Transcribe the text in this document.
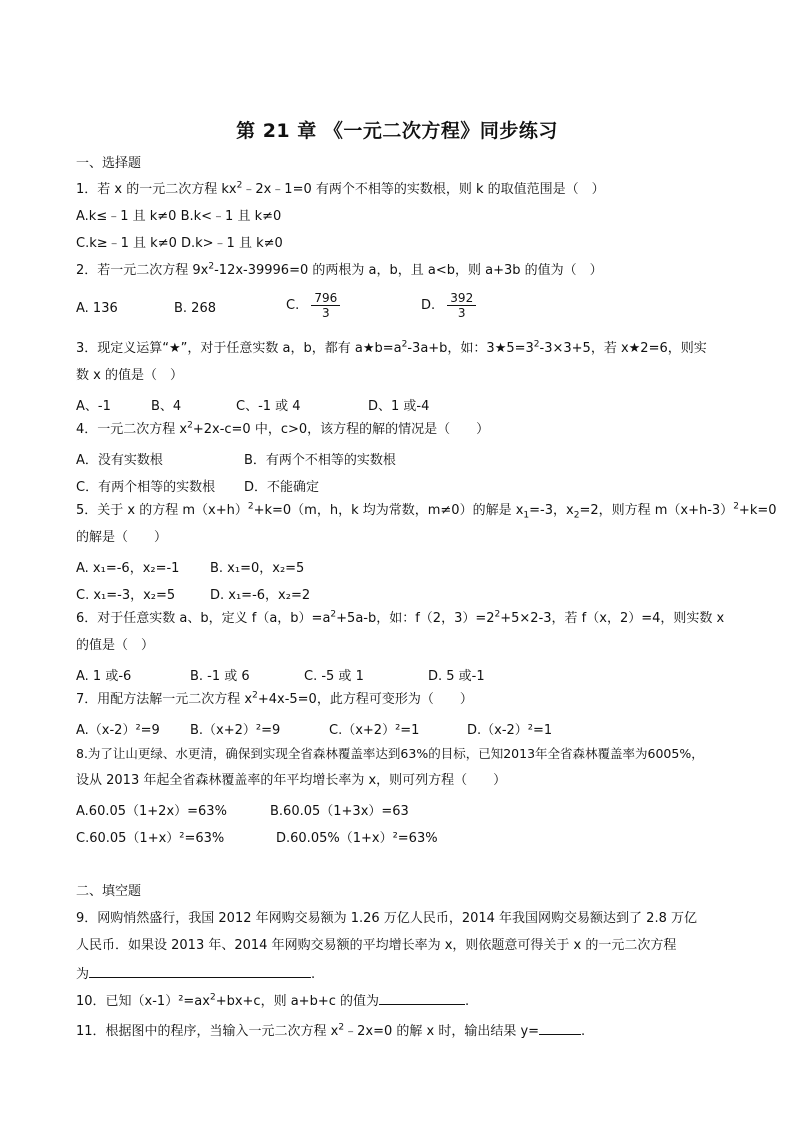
第 21 章 《一元二次方程》同步练习
一、选择题
1．若 x 的一元二次方程 $kx^2﹣2x﹣1=0$ 有两个不相等的实数根，则 k 的取值范围是（　）
A.k≤﹣1 且 k≠0 B.k<﹣1 且 k≠0
C.k≥﹣1 且 k≠0 D.k>﹣1 且 k≠0
2．若一元二次方程 $9x^2-12x-39996=0$ 的两根为 a，b，且 a<b，则 a+3b 的值为（　）
A. 136	B. 268	C. $\frac{796}{3}$	D. $\frac{392}{3}$
3．现定义运算“★”，对于任意实数 a，b，都有 $a★b=a^2-3a+b$，如：$3★5=3^2-3\times 3+5$，若 x★2=6，则实
数 x 的值是（　）
A、-1	B、4	C、-1 或 4	D、1 或-4
4．一元二次方程 $x^2+2x-c=0$ 中，c>0，该方程的解的情况是（　　）
A．没有实数根	B．有两个不相等的实数根
C．有两个相等的实数根 D．不能确定
5．关于 x 的方程 $m(x+h)^2+k=0(m$，h，k 均为常数，m≠0）的解是 $x_1=-3$，$x_2=2$，则方程 $m(x+h-3)^2+k=0$
的解是（　　）
A. x₁=-6，x₂=-1 B. x₁=0，x₂=5
C. x₁=-3，x₂=5	D. x₁=-6，x₂=2
6．对于任意实数 a、b，定义 f（a，$b)=a^2+5a-b$，如：f（2，$3)=2^2+5\times 2-3$，若 f（x，2）=4，则实数 x
的值是（　）
A. 1 或-6	B. -1 或 6	C. -5 或 1	D. 5 或-1
7．用配方法解一元二次方程 $x^2+4x-5=0$，此方程可变形为（　　）
A.（x-2）²=9 B.（x+2）²=9	C.（x+2）²=1	D.（x-2）²=1
8.为了让山更绿、水更清，确保到实现全省森林覆盖率达到63%的目标，已知2013年全省森林覆盖率为6005%，
设从 2013 年起全省森林覆盖率的年平均增长率为 x，则可列方程（　　）
A.60.05（1+2x）=63%	B.60.05（1+3x）=63
C.60.05（1+x）²=63%	D.60.05%（1+x）²=63%
二、填空题
9．网购悄然盛行，我国 2012 年网购交易额为 1.26 万亿人民币，2014 年我国网购交易额达到了 2.8 万亿
人民币．如果设 2013 年、2014 年网购交易额的平均增长率为 x，则依题意可得关于 x 的一元二次方程
为	.
10．已知$(x-1)^2=ax^2+bx+c$，则 a+b+c 的值为	.
11．根据图中的程序，当输入一元二次方程 $x^2﹣2x=0$ 的解 x 时，输出结果 y=	.
